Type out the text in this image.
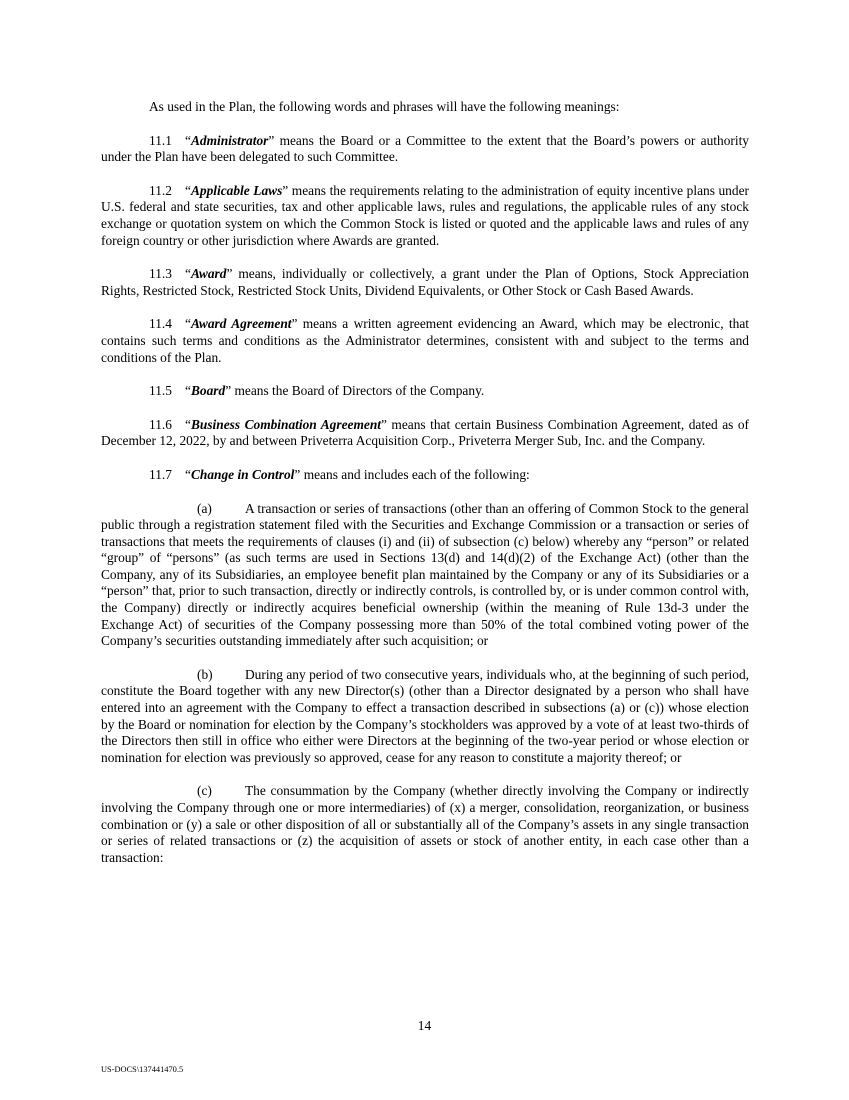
As used in the Plan, the following words and phrases will have the following meanings:

11.1 “Administrator” means the Board or a Committee to the extent that the Board’s powers or authority under the Plan have been delegated to such Committee.

11.2 “Applicable Laws” means the requirements relating to the administration of equity incentive plans under U.S. federal and state securities, tax and other applicable laws, rules and regulations, the applicable rules of any stock exchange or quotation system on which the Common Stock is listed or quoted and the applicable laws and rules of any foreign country or other jurisdiction where Awards are granted.

11.3 “Award” means, individually or collectively, a grant under the Plan of Options, Stock Appreciation Rights, Restricted Stock, Restricted Stock Units, Dividend Equivalents, or Other Stock or Cash Based Awards.

11.4 “Award Agreement” means a written agreement evidencing an Award, which may be electronic, that contains such terms and conditions as the Administrator determines, consistent with and subject to the terms and conditions of the Plan.

11.5 “Board” means the Board of Directors of the Company.

11.6 “Business Combination Agreement” means that certain Business Combination Agreement, dated as of December 12, 2022, by and between Priveterra Acquisition Corp., Priveterra Merger Sub, Inc. and the Company.

11.7 “Change in Control” means and includes each of the following:

(a) A transaction or series of transactions (other than an offering of Common Stock to the general public through a registration statement filed with the Securities and Exchange Commission or a transaction or series of transactions that meets the requirements of clauses (i) and (ii) of subsection (c) below) whereby any “person” or related “group” of “persons” (as such terms are used in Sections 13(d) and 14(d)(2) of the Exchange Act) (other than the Company, any of its Subsidiaries, an employee benefit plan maintained by the Company or any of its Subsidiaries or a “person” that, prior to such transaction, directly or indirectly controls, is controlled by, or is under common control with, the Company) directly or indirectly acquires beneficial ownership (within the meaning of Rule 13d-3 under the Exchange Act) of securities of the Company possessing more than 50% of the total combined voting power of the Company’s securities outstanding immediately after such acquisition; or

(b) During any period of two consecutive years, individuals who, at the beginning of such period, constitute the Board together with any new Director(s) (other than a Director designated by a person who shall have entered into an agreement with the Company to effect a transaction described in subsections (a) or (c)) whose election by the Board or nomination for election by the Company’s stockholders was approved by a vote of at least two-thirds of the Directors then still in office who either were Directors at the beginning of the two-year period or whose election or nomination for election was previously so approved, cease for any reason to constitute a majority thereof; or

(c) The consummation by the Company (whether directly involving the Company or indirectly involving the Company through one or more intermediaries) of (x) a merger, consolidation, reorganization, or business combination or (y) a sale or other disposition of all or substantially all of the Company’s assets in any single transaction or series of related transactions or (z) the acquisition of assets or stock of another entity, in each case other than a transaction:

14
US-DOCS\137441470.5
